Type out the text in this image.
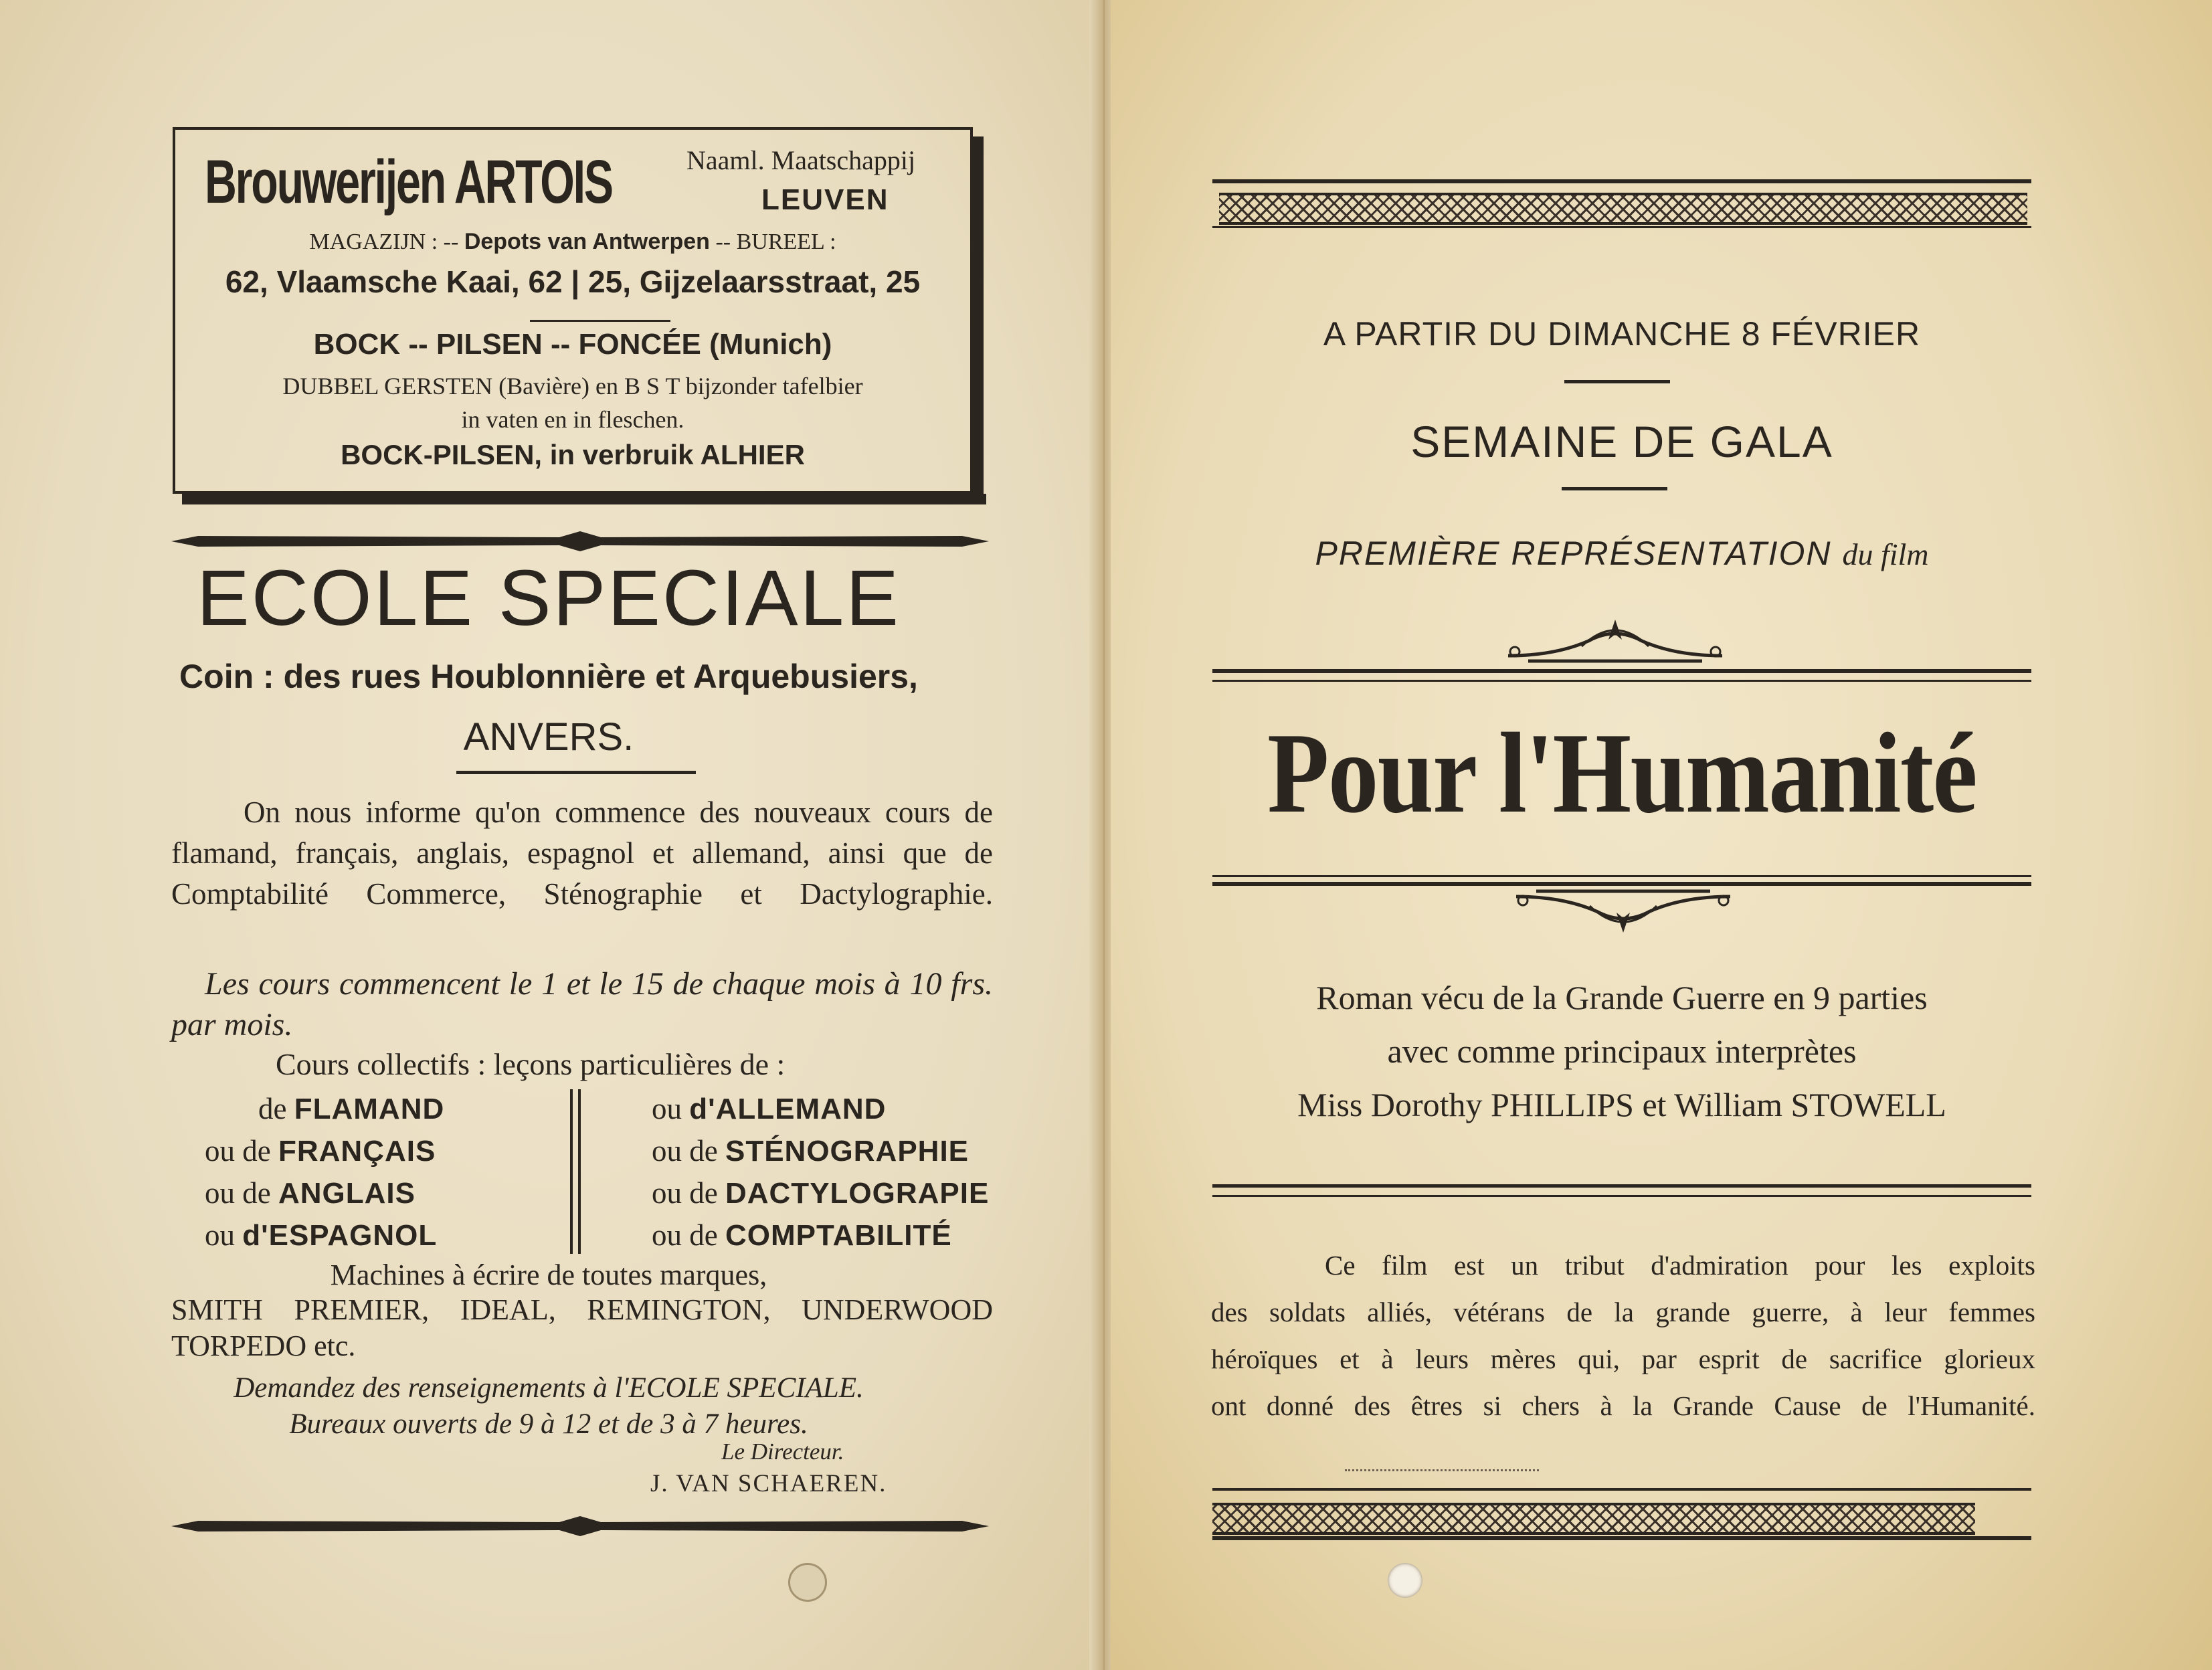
Brouwerijen ARTOIS	Naaml. Maatschappij
LEUVEN
MAGAZIJN : -- Depots van Antwerpen -- BUREEL :
62, Vlaamsche Kaai, 62 | 25, Gijzelaarsstraat, 25
BOCK -- PILSEN -- FONCÉE (Munich)
DUBBEL GERSTEN (Bavière) en B S T bijzonder tafelbier
in vaten en in fleschen.
BOCK-PILSEN, in verbruik ALHIER
ECOLE SPECIALE
Coin : des rues Houblonnière et Arquebusiers,
ANVERS.
On nous informe qu'on commence des nouveaux cours de flamand, français, anglais, espagnol et allemand, ainsi que de Comptabilité Commerce, Sténographie et Dactylographie.
Les cours commencent le 1 et le 15 de chaque mois à 10 frs. par mois.
Cours collectifs : leçons particulières de :
de FLAMAND
ou de FRANÇAIS
ou de ANGLAIS
ou d'ESPAGNOL
ou d'ALLEMAND
ou de STÉNOGRAPHIE
ou de DACTYLOGRAPIE
ou de COMPTABILITÉ
Machines à écrire de toutes marques,
SMITH PREMIER, IDEAL, REMINGTON, UNDERWOOD
TORPEDO etc.
Demandez des renseignements à l'ECOLE SPECIALE.
Bureaux ouverts de 9 à 12 et de 3 à 7 heures.
Le Directeur.
J. VAN SCHAEREN.
A PARTIR DU DIMANCHE 8 FÉVRIER
SEMAINE DE GALA
PREMIÈRE REPRÉSENTATION du film
Pour l'Humanité
Roman vécu de la Grande Guerre en 9 parties
avec comme principaux interprètes
Miss Dorothy PHILLIPS et William STOWELL
Ce film est un tribut d'admiration pour les exploits
des soldats alliés, vétérans de la grande guerre, à leur femmes
héroïques et à leurs mères qui, par esprit de sacrifice glorieux
ont donné des êtres si chers à la Grande Cause de l'Humanité.
